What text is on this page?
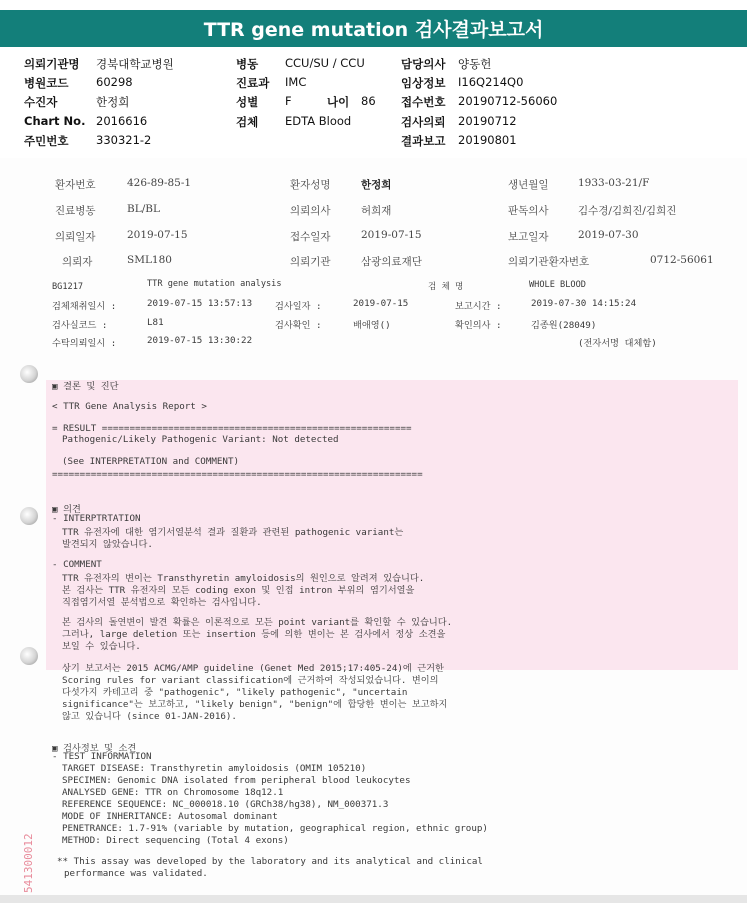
TTR gene mutation 검사결과보고서
의뢰기관명 경북대학교병원
병원코드 60298
수진자	한정희
Chart No. 2016616
주민번호 330321-2
병동 CCU/SU / CCU
진료과 IMC
성별 F	나이 86
검체 EDTA Blood
담당의사 양동헌
임상정보 I16Q214Q0
접수번호 20190712-56060
검사의뢰 20190712
결과보고 20190801
환자번호	426-89-85-1	환자성명	한정희	생년월일	1933-03-21/F
진료병동	BL/BL	의뢰의사	허희재	판독의사	김수경/김희진/김희진
의뢰일자	2019-07-15	접수일자	2019-07-15	보고일자	2019-07-30
의뢰자	SML180	의뢰기관	삼광의료재단	의뢰기관환자번호	0712-56061
BG1217	TTR gene mutation analysis	검 체 명	WHOLE BLOOD
검체채취일시 :	2019-07-15 13:57:13 검사일자 :	2019-07-15	보고시간 :	2019-07-30 14:15:24
검사실코드 :	L81	검사확인 :	배애영()	확인의사 :	김종원(28049)
수탁의뢰일시 :	2019-07-15 13:30:22	(전자서명 대체함)
▣ 결론 및 진단
< TTR Gene Analysis Report >
= RESULT ========================================================
Pathogenic/Likely Pathogenic Variant: Not detected
(See INTERPRETATION and COMMENT)
===================================================================
▣ 의견
- INTERPTRTATION
TTR 유전자에 대한 염기서열분석 결과 질환과 관련된 pathogenic variant는
발견되지 않았습니다.
- COMMENT
TTR 유전자의 변이는 Transthyretin amyloidosis의 원인으로 알려져 있습니다.
본 검사는 TTR 유전자의 모든 coding exon 및 인접 intron 부위의 염기서열을
직접염기서열 분석법으로 확인하는 검사입니다.
본 검사의 돌연변이 발견 확률은 이론적으로 모든 point variant를 확인할 수 있습니다.
그러나, large deletion 또는 insertion 등에 의한 변이는 본 검사에서 정상 소견을
보일 수 있습니다.
상기 보고서는 2015 ACMG/AMP guideline (Genet Med 2015;17:405-24)에 근거한
Scoring rules for variant classification에 근거하여 작성되었습니다. 변이의
다섯가지 카테고리 중 "pathogenic", "likely pathogenic", "uncertain
significance"는 보고하고, "likely benign", "benign"에 합당한 변이는 보고하지
않고 있습니다 (since 01-JAN-2016).
▣ 검사정보 및 소견
- TEST INFORMATION
TARGET DISEASE: Transthyretin amyloidosis (OMIM 105210)
SPECIMEN: Genomic DNA isolated from peripheral blood leukocytes
ANALYSED GENE: TTR on Chromosome 18q12.1
REFERENCE SEQUENCE: NC_000018.10 (GRCh38/hg38), NM_000371.3
MODE OF INHERITANCE: Autosomal dominant
PENETRANCE: 1.7-91% (variable by mutation, geographical region, ethnic group)
METHOD: Direct sequencing (Total 4 exons)
** This assay was developed by the laboratory and its analytical and clinical
performance was validated.
541300012
